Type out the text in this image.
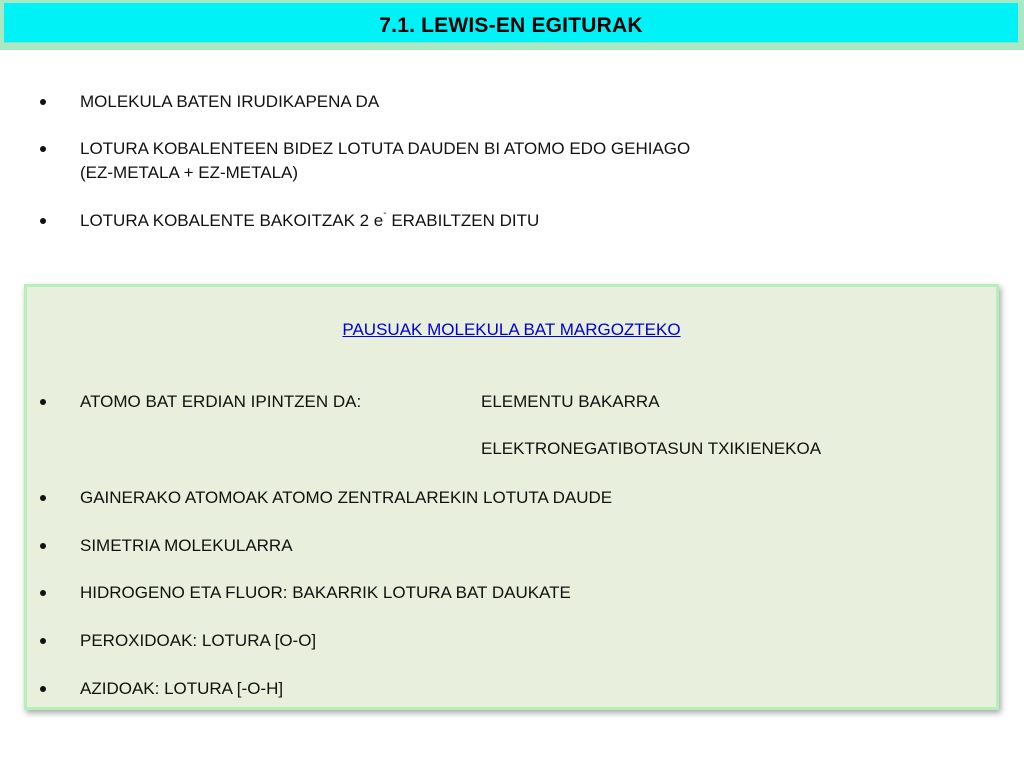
7.1. LEWIS-EN EGITURAK
MOLEKULA BATEN IRUDIKAPENA DA
LOTURA KOBALENTEEN BIDEZ LOTUTA DAUDEN BI ATOMO EDO GEHIAGO
(EZ-METALA + EZ-METALA)
LOTURA KOBALENTE BAKOITZAK 2 e- ERABILTZEN DITU
PAUSUAK MOLEKULA BAT MARGOZTEKO
ATOMO BAT ERDIAN IPINTZEN DA:	ELEMENTU BAKARRA
ELEKTRONEGATIBOTASUN TXIKIENEKOA
GAINERAKO ATOMOAK ATOMO ZENTRALAREKIN LOTUTA DAUDE
SIMETRIA MOLEKULARRA
HIDROGENO ETA FLUOR: BAKARRIK LOTURA BAT DAUKATE
PEROXIDOAK: LOTURA [O-O]
AZIDOAK: LOTURA [-O-H]
